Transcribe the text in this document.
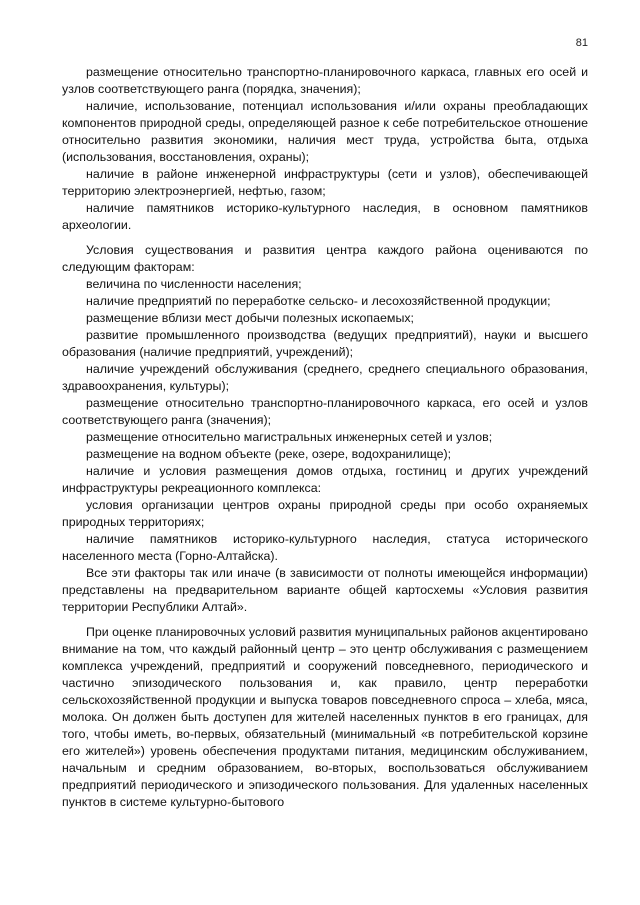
81

размещение относительно транспортно-планировочного каркаса, главных его осей и узлов соответствующего ранга (порядка, значения);

наличие, использование, потенциал использования и/или охраны преобладающих компонентов природной среды, определяющей разное к себе потребительское отношение относительно развития экономики, наличия мест труда, устройства быта, отдыха (использования, восстановления, охраны);

наличие в районе инженерной инфраструктуры (сети и узлов), обеспечивающей территорию электроэнергией, нефтью, газом;

наличие памятников историко-культурного наследия, в основном памятников археологии.

Условия существования и развития центра каждого района оцениваются по следующим факторам:

величина по численности населения;

наличие предприятий по переработке сельско- и лесохозяйственной продукции;

размещение вблизи мест добычи полезных ископаемых;

развитие промышленного производства (ведущих предприятий), науки и высшего образования (наличие предприятий, учреждений);

наличие учреждений обслуживания (среднего, среднего специального образования, здравоохранения, культуры);

размещение относительно транспортно-планировочного каркаса, его осей и узлов соответствующего ранга (значения);

размещение относительно магистральных инженерных сетей и узлов;

размещение на водном объекте (реке, озере, водохранилище);

наличие и условия размещения домов отдыха, гостиниц и других учреждений инфраструктуры рекреационного комплекса:

условия организации центров охраны природной среды при особо охраняемых природных территориях;

наличие памятников историко-культурного наследия, статуса исторического населенного места (Горно-Алтайска).

Все эти факторы так или иначе (в зависимости от полноты имеющейся информации) представлены на предварительном варианте общей картосхемы «Условия развития территории Республики Алтай».

При оценке планировочных условий развития муниципальных районов акцентировано внимание на том, что каждый районный центр – это центр обслуживания с размещением комплекса учреждений, предприятий и сооружений повседневного, периодического и частично эпизодического пользования и, как правило, центр переработки сельскохозяйственной продукции и выпуска товаров повседневного спроса – хлеба, мяса, молока. Он должен быть доступен для жителей населенных пунктов в его границах, для того, чтобы иметь, во-первых, обязательный (минимальный «в потребительской корзине его жителей») уровень обеспечения продуктами питания, медицинским обслуживанием, начальным и средним образованием, во-вторых, воспользоваться обслуживанием предприятий периодического и эпизодического пользования. Для удаленных населенных пунктов в системе культурно-бытового
